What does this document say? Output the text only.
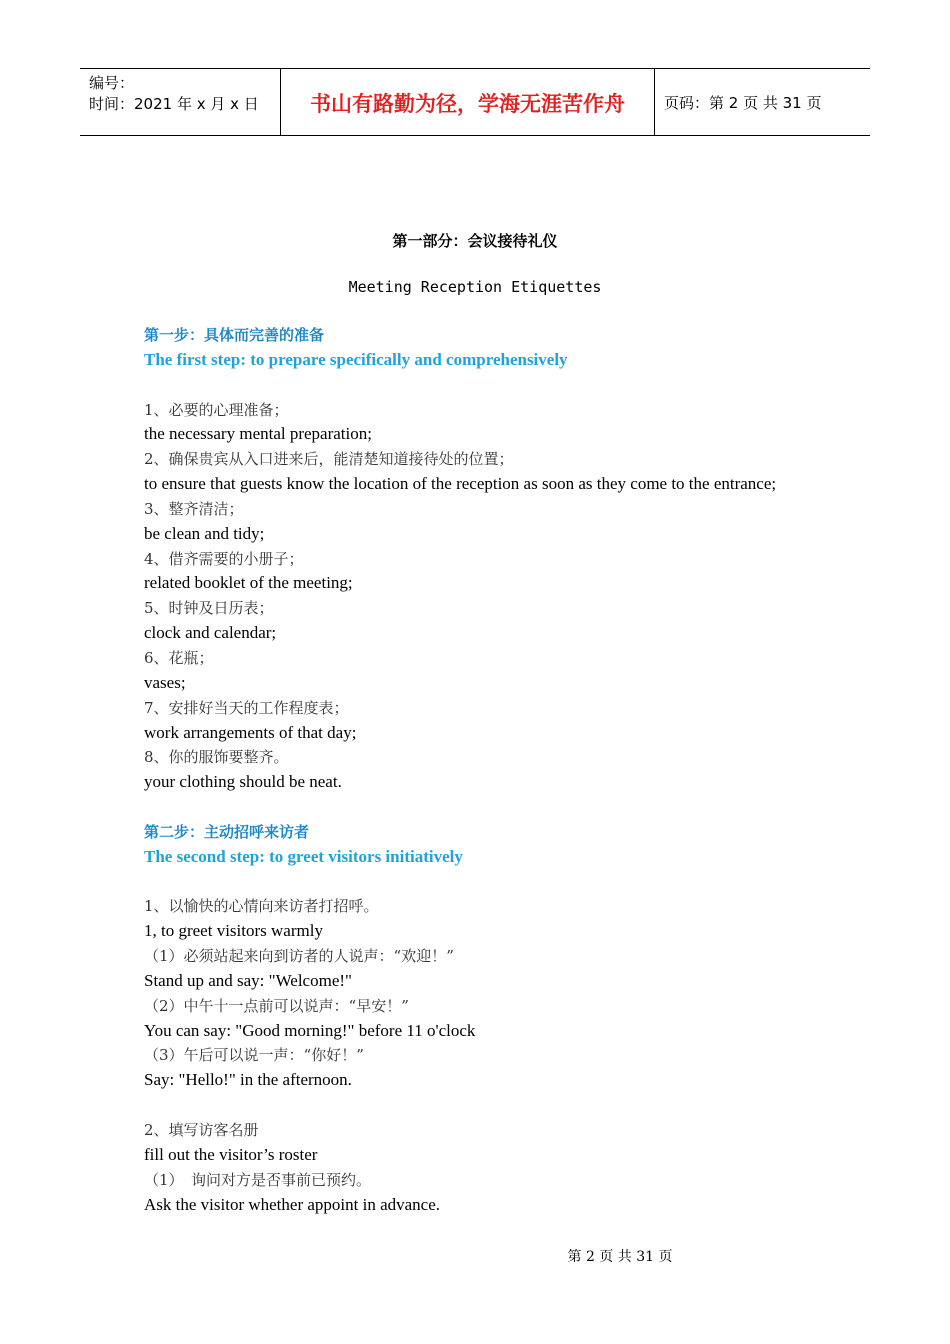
编号：
时间：2021 年 x 月 x 日	书山有路勤为径，学海无涯苦作舟	页码：第 2 页 共 31 页
第一部分：会议接待礼仪
Meeting Reception Etiquettes
第一步：具体而完善的准备
The first step: to prepare specifically and comprehensively
1、必要的心理准备；
the necessary mental preparation;
2、确保贵宾从入口进来后，能清楚知道接待处的位置；
to ensure that guests know the location of the reception as soon as they come to the entrance;
3、整齐清洁；
be clean and tidy;
4、借齐需要的小册子；
related booklet of the meeting;
5、时钟及日历表；
clock and calendar;
6、花瓶；
vases;
7、安排好当天的工作程度表；
work arrangements of that day;
8、你的服饰要整齐。
your clothing should be neat.
第二步：主动招呼来访者
The second step: to greet visitors initiatively
1、以愉快的心情向来访者打招呼。
1, to greet visitors warmly
（1）必须站起来向到访者的人说声：“欢迎！”
Stand up and say: "Welcome!"
（2）中午十一点前可以说声：“早安！”
You can say: "Good morning!" before 11 o'clock
（3）午后可以说一声：“你好！”
Say: "Hello!" in the afternoon.
2、填写访客名册
fill out the visitor’s roster
（1）　询问对方是否事前已预约。
Ask the visitor whether appoint in advance.
第 2 页 共 31 页
